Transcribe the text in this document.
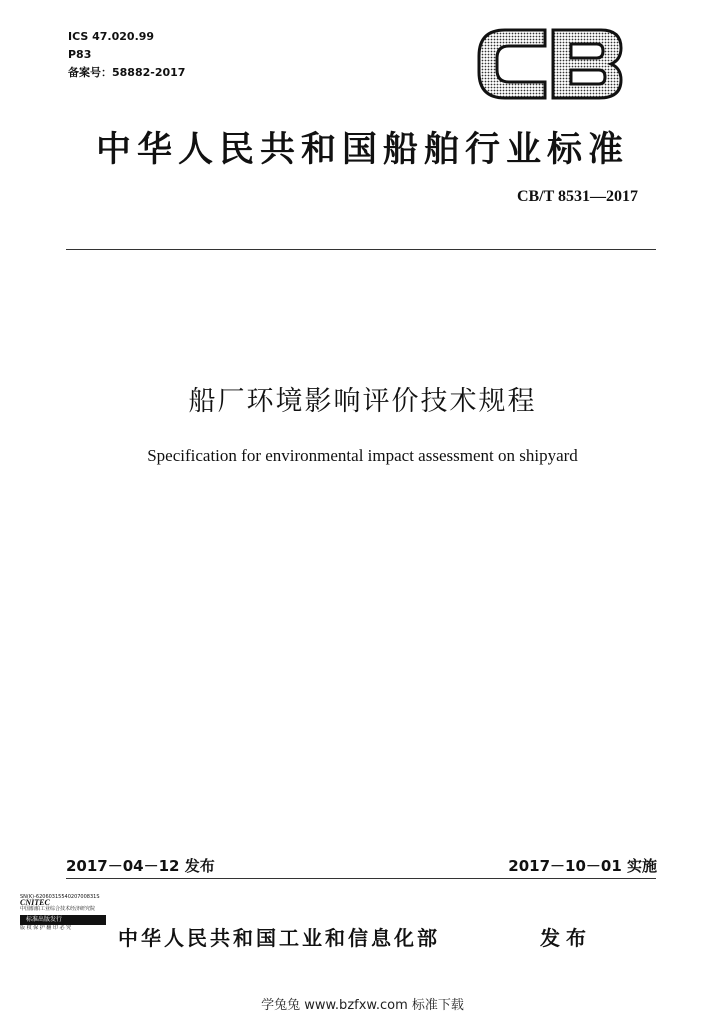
ICS 47.020.99
P83
备案号：58882-2017
中华人民共和国船舶行业标准
CB/T 8531—2017
船厂环境影响评价技术规程
Specification for environmental impact assessment on shipyard
2017－04－12 发布	2017－10－01 实施
SN(K)-6206031554020700831S
CNITEC
中国船舶工业综合技术经济研究院
标准出版发行
版 权 保 护 翻 印 必 究	中华人民共和国工业和信息化部	发布
学兔兔 www.bzfxw.com 标准下载
